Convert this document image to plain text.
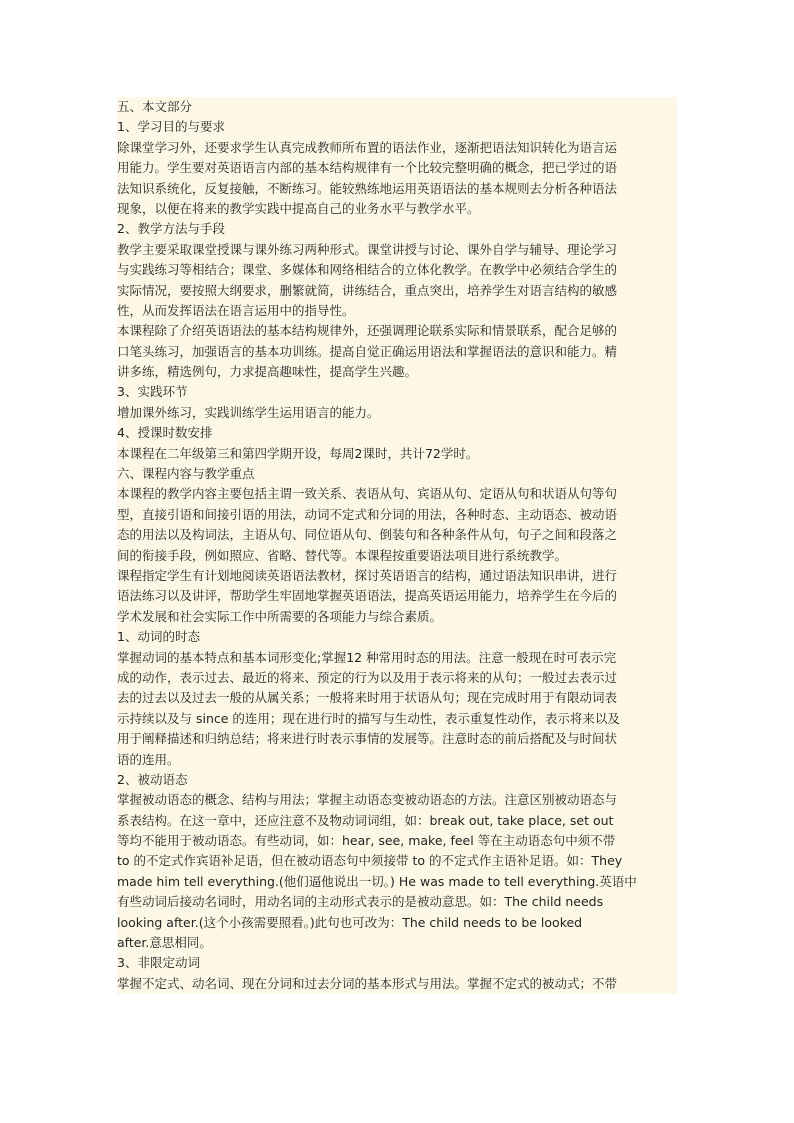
五、本文部分
1、学习目的与要求
除课堂学习外，还要求学生认真完成教师所布置的语法作业，逐渐把语法知识转化为语言运
用能力。学生要对英语语言内部的基本结构规律有一个比较完整明确的概念，把已学过的语
法知识系统化，反复接触，不断练习。能较熟练地运用英语语法的基本规则去分析各种语法
现象，以便在将来的教学实践中提高自己的业务水平与教学水平。
2、教学方法与手段
教学主要采取课堂授课与课外练习两种形式。课堂讲授与讨论、课外自学与辅导、理论学习
与实践练习等相结合；课堂、多媒体和网络相结合的立体化教学。在教学中必须结合学生的
实际情况，要按照大纲要求，删繁就简，讲练结合，重点突出，培养学生对语言结构的敏感
性，从而发挥语法在语言运用中的指导性。
本课程除了介绍英语语法的基本结构规律外，还强调理论联系实际和情景联系，配合足够的
口笔头练习，加强语言的基本功训练。提高自觉正确运用语法和掌握语法的意识和能力。精
讲多练，精选例句，力求提高趣味性，提高学生兴趣。
3、实践环节
增加课外练习，实践训练学生运用语言的能力。
4、授课时数安排
本课程在二年级第三和第四学期开设，每周2课时，共计72学时。
六、课程内容与教学重点
本课程的教学内容主要包括主谓一致关系、表语从句、宾语从句、定语从句和状语从句等句
型，直接引语和间接引语的用法，动词不定式和分词的用法，各种时态、主动语态、被动语
态的用法以及构词法，主语从句、同位语从句、倒装句和各种条件从句，句子之间和段落之
间的衔接手段，例如照应、省略、替代等。本课程按重要语法项目进行系统教学。
课程指定学生有计划地阅读英语语法教材，探讨英语语言的结构，通过语法知识串讲，进行
语法练习以及讲评，帮助学生牢固地掌握英语语法，提高英语运用能力，培养学生在今后的
学术发展和社会实际工作中所需要的各项能力与综合素质。
1、动词的时态
掌握动词的基本特点和基本词形变化;掌握12 种常用时态的用法。注意一般现在时可表示完
成的动作，表示过去、最近的将来、预定的行为以及用于表示将来的从句；一般过去表示过
去的过去以及过去一般的从属关系；一般将来时用于状语从句；现在完成时用于有限动词表
示持续以及与 since 的连用；现在进行时的描写与生动性，表示重复性动作，表示将来以及
用于阐释描述和归纳总结；将来进行时表示事情的发展等。注意时态的前后搭配及与时间状
语的连用。
2、被动语态
掌握被动语态的概念、结构与用法；掌握主动语态变被动语态的方法。注意区别被动语态与
系表结构。在这一章中，还应注意不及物动词词组，如：break out, take place, set out
等均不能用于被动语态。有些动词，如：hear, see, make, feel 等在主动语态句中须不带
to 的不定式作宾语补足语，但在被动语态句中须接带 to 的不定式作主语补足语。如：They
made him tell everything.(他们逼他说出一切。) He was made to tell everything.英语中
有些动词后接动名词时，用动名词的主动形式表示的是被动意思。如：The child needs
looking after.(这个小孩需要照看。)此句也可改为：The child needs to be looked
after.意思相同。
3、非限定动词
掌握不定式、动名词、现在分词和过去分词的基本形式与用法。掌握不定式的被动式；不带
